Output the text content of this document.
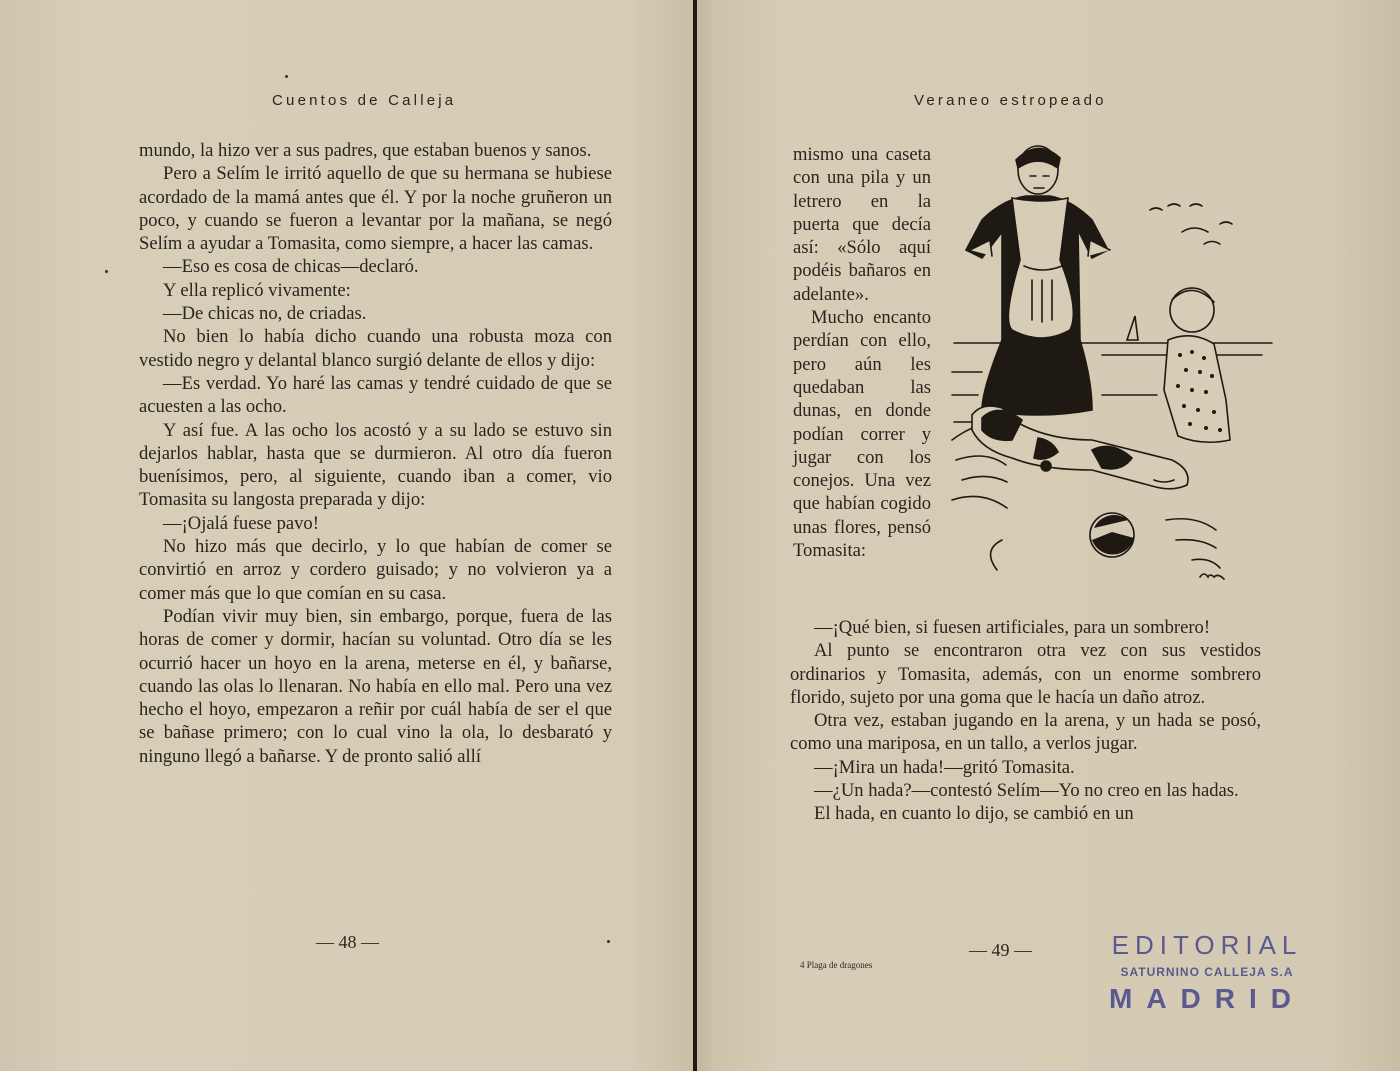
Cuentos de Calleja

mundo, la hizo ver a sus padres, que estaban buenos y sanos.

Pero a Selím le irritó aquello de que su hermana se hubiese acordado de la mamá antes que él. Y por la noche gruñeron un poco, y cuando se fueron a levantar por la mañana, se negó Selím a ayudar a Tomasita, como siempre, a hacer las camas.

—Eso es cosa de chicas—declaró.

Y ella replicó vivamente:

—De chicas no, de criadas.

No bien lo había dicho cuando una robusta moza con vestido negro y delantal blanco surgió delante de ellos y dijo:

—Es verdad. Yo haré las camas y tendré cuidado de que se acuesten a las ocho.

Y así fue. A las ocho los acostó y a su lado se estuvo sin dejarlos hablar, hasta que se durmieron. Al otro día fueron buenísimos, pero, al siguiente, cuando iban a comer, vio Tomasita su langosta preparada y dijo:

—¡Ojalá fuese pavo!

No hizo más que decirlo, y lo que habían de comer se convirtió en arroz y cordero guisado; y no volvieron ya a comer más que lo que comían en su casa.

Podían vivir muy bien, sin embargo, porque, fuera de las horas de comer y dormir, hacían su voluntad. Otro día se les ocurrió hacer un hoyo en la arena, meterse en él, y bañarse, cuando las olas lo llenaran. No había en ello mal. Pero una vez hecho el hoyo, empezaron a reñir por cuál había de ser el que se bañase primero; con lo cual vino la ola, lo desbarató y ninguno llegó a bañarse. Y de pronto salió allí

— 48 —
Veraneo estropeado

mismo una caseta con una pila y un letrero en la puerta que decía así: «Sólo aquí podéis bañaros en adelante».

Mucho encanto perdían con ello, pero aún les quedaban las dunas, en donde podían correr y jugar con los conejos. Una vez que habían cogido unas flores, pensó Tomasita:

—¡Qué bien, si fuesen artificiales, para un sombrero!

Al punto se encontraron otra vez con sus vestidos ordinarios y Tomasita, además, con un enorme sombrero florido, sujeto por una goma que le hacía un daño atroz.

Otra vez, estaban jugando en la arena, y un hada se posó, como una mariposa, en un tallo, a verlos jugar.

—¡Mira un hada!—gritó Tomasita.

—¿Un hada?—contestó Selím—Yo no creo en las hadas.

El hada, en cuanto lo dijo, se cambió en un

4 Plaga de dragones
— 49 —	EDITORIAL
SATURNINO CALLEJA S.A
MADRID
